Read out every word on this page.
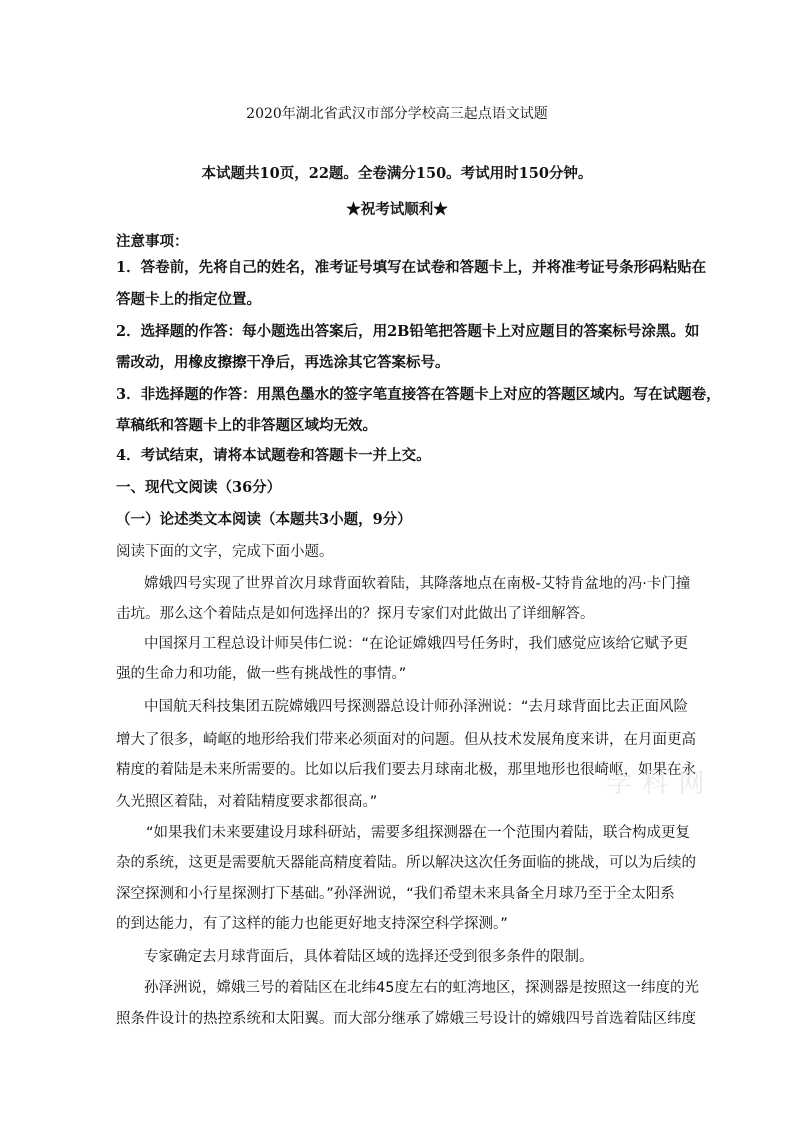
2020年湖北省武汉市部分学校高三起点语文试题
本试题共10页，22题。全卷满分150。考试用时150分钟。
★祝考试顺利★
注意事项：
1．答卷前，先将自己的姓名，准考证号填写在试卷和答题卡上，并将准考证号条形码粘贴在
答题卡上的指定位置。
2．选择题的作答：每小题选出答案后，用2B铅笔把答题卡上对应题目的答案标号涂黑。如
需改动，用橡皮擦擦干净后，再选涂其它答案标号。
3．非选择题的作答：用黑色墨水的签字笔直接答在答题卡上对应的答题区域内。写在试题卷，
草稿纸和答题卡上的非答题区域均无效。
4．考试结束，请将本试题卷和答题卡一并上交。
一、现代文阅读（36分）
（一）论述类文本阅读（本题共3小题，9分）
阅读下面的文字，完成下面小题。
嫦娥四号实现了世界首次月球背面软着陆，其降落地点在南极-艾特肯盆地的冯·卡门撞
击坑。那么这个着陆点是如何选择出的？探月专家们对此做出了详细解答。
中国探月工程总设计师吴伟仁说：“在论证嫦娥四号任务时，我们感觉应该给它赋予更
强的生命力和功能，做一些有挑战性的事情。”
中国航天科技集团五院嫦娥四号探测器总设计师孙泽洲说：“去月球背面比去正面风险
增大了很多，崎岖的地形给我们带来必须面对的问题。但从技术发展角度来讲，在月面更高
精度的着陆是未来所需要的。比如以后我们要去月球南北极，那里地形也很崎岖，如果在永
久光照区着陆，对着陆精度要求都很高。”
“如果我们未来要建设月球科研站，需要多组探测器在一个范围内着陆，联合构成更复
杂的系统，这更是需要航天器能高精度着陆。所以解决这次任务面临的挑战，可以为后续的
深空探测和小行星探测打下基础。”孙泽洲说，“我们希望未来具备全月球乃至于全太阳系
的到达能力，有了这样的能力也能更好地支持深空科学探测。”
专家确定去月球背面后，具体着陆区域的选择还受到很多条件的限制。
孙泽洲说，嫦娥三号的着陆区在北纬45度左右的虹湾地区，探测器是按照这一纬度的光
照条件设计的热控系统和太阳翼。而大部分继承了嫦娥三号设计的嫦娥四号首选着陆区纬度
学 科 网
